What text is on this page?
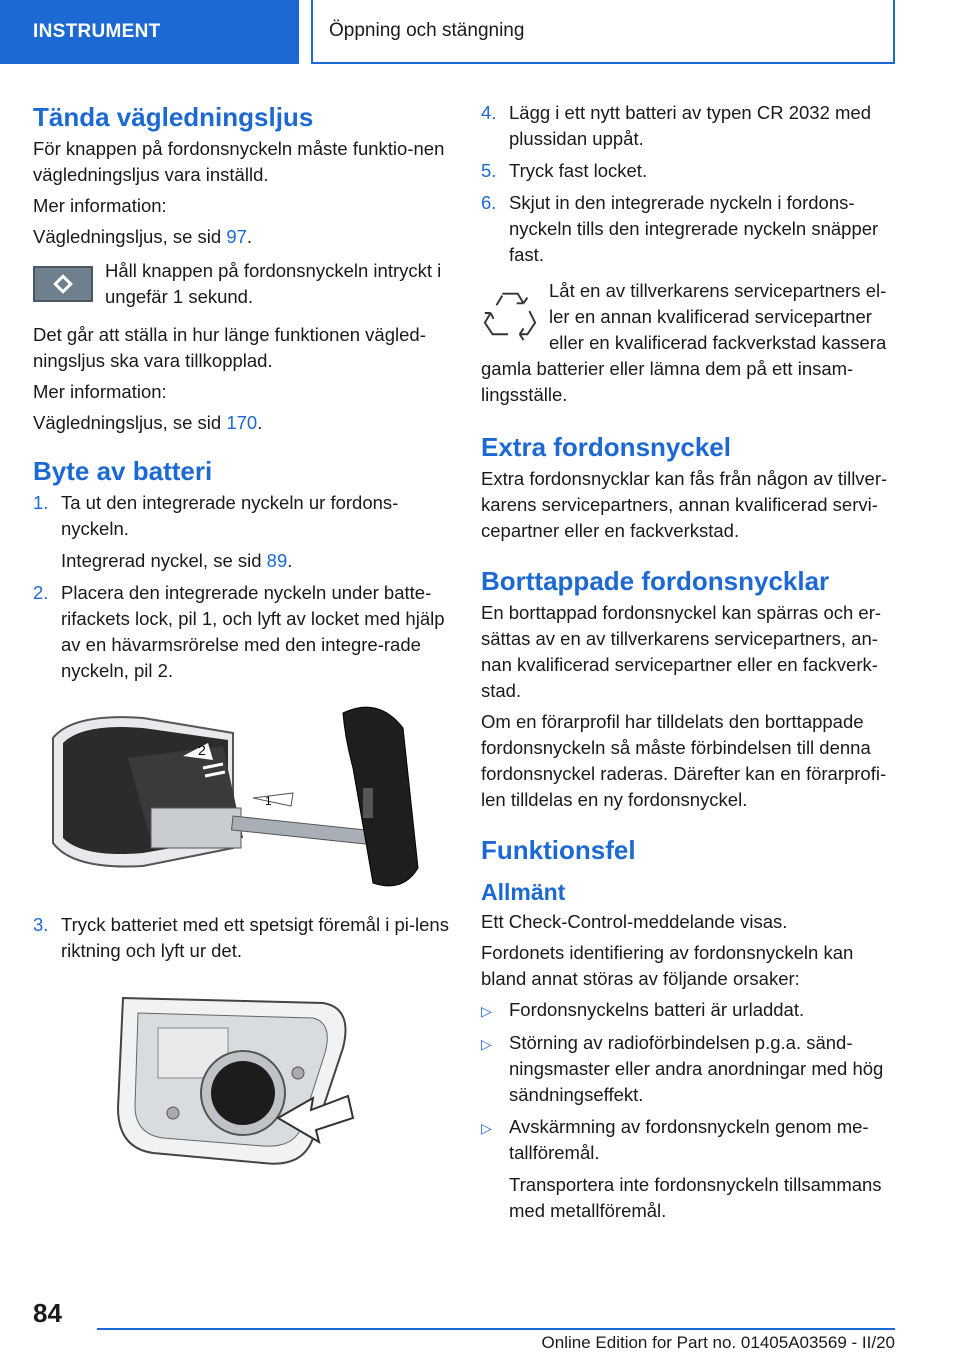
INSTRUMENT	Öppning och stängning
Tända vägledningsljus

För knappen på fordonsnyckeln måste funktio-nen vägledningsljus vara inställd.

Mer information:

Vägledningsljus, se sid 97.

Håll knappen på fordonsnyckeln intryckt i ungefär 1 sekund.

Det går att ställa in hur länge funktionen vägled-ningsljus ska vara tillkopplad.

Mer information:

Vägledningsljus, se sid 170.

Byte av batteri
1. Ta ut den integrerade nyckeln ur fordons-nyckeln.
Integrerad nyckel, se sid 89.
2. Placera den integrerade nyckeln under batte-rifackets lock, pil 1, och lyft av locket med hjälp av en hävarmsrörelse med den integre-rade nyckeln, pil 2.
2
1
3. Tryck batteriet med ett spetsigt föremål i pi-lens riktning och lyft ur det.
4. Lägg i ett nytt batteri av typen CR 2032 med plussidan uppåt.
5. Tryck fast locket.
6. Skjut in den integrerade nyckeln i fordons-nyckeln tills den integrerade nyckeln snäpper fast.
Låt en av tillverkarens servicepartners el-ler en annan kvalificerad servicepartner eller en kvalificerad fackverkstad kassera gamla batterier eller lämna dem på ett insam-lingsställe.
Extra fordonsnyckel

Extra fordonsnycklar kan fås från någon av tillver-karens servicepartners, annan kvalificerad servi-cepartner eller en fackverkstad.

Borttappade fordonsnycklar

En borttappad fordonsnyckel kan spärras och er-sättas av en av tillverkarens servicepartners, an-nan kvalificerad servicepartner eller en fackverk-stad.

Om en förarprofil har tilldelats den borttappade fordonsnyckeln så måste förbindelsen till denna fordonsnyckel raderas. Därefter kan en förarprofi-len tilldelas en ny fordonsnyckel.

Funktionsfel
Allmänt

Ett Check-Control-meddelande visas.

Fordonets identifiering av fordonsnyckeln kan bland annat störas av följande orsaker:

▷ Fordonsnyckelns batteri är urladdat.
▷ Störning av radioförbindelsen p.g.a. sänd-ningsmaster eller andra anordningar med hög sändningseffekt.
▷ Avskärmning av fordonsnyckeln genom me-tallföremål.
Transportera inte fordonsnyckeln tillsammans med metallföremål.
84
Online Edition for Part no. 01405A03569 - II/20
